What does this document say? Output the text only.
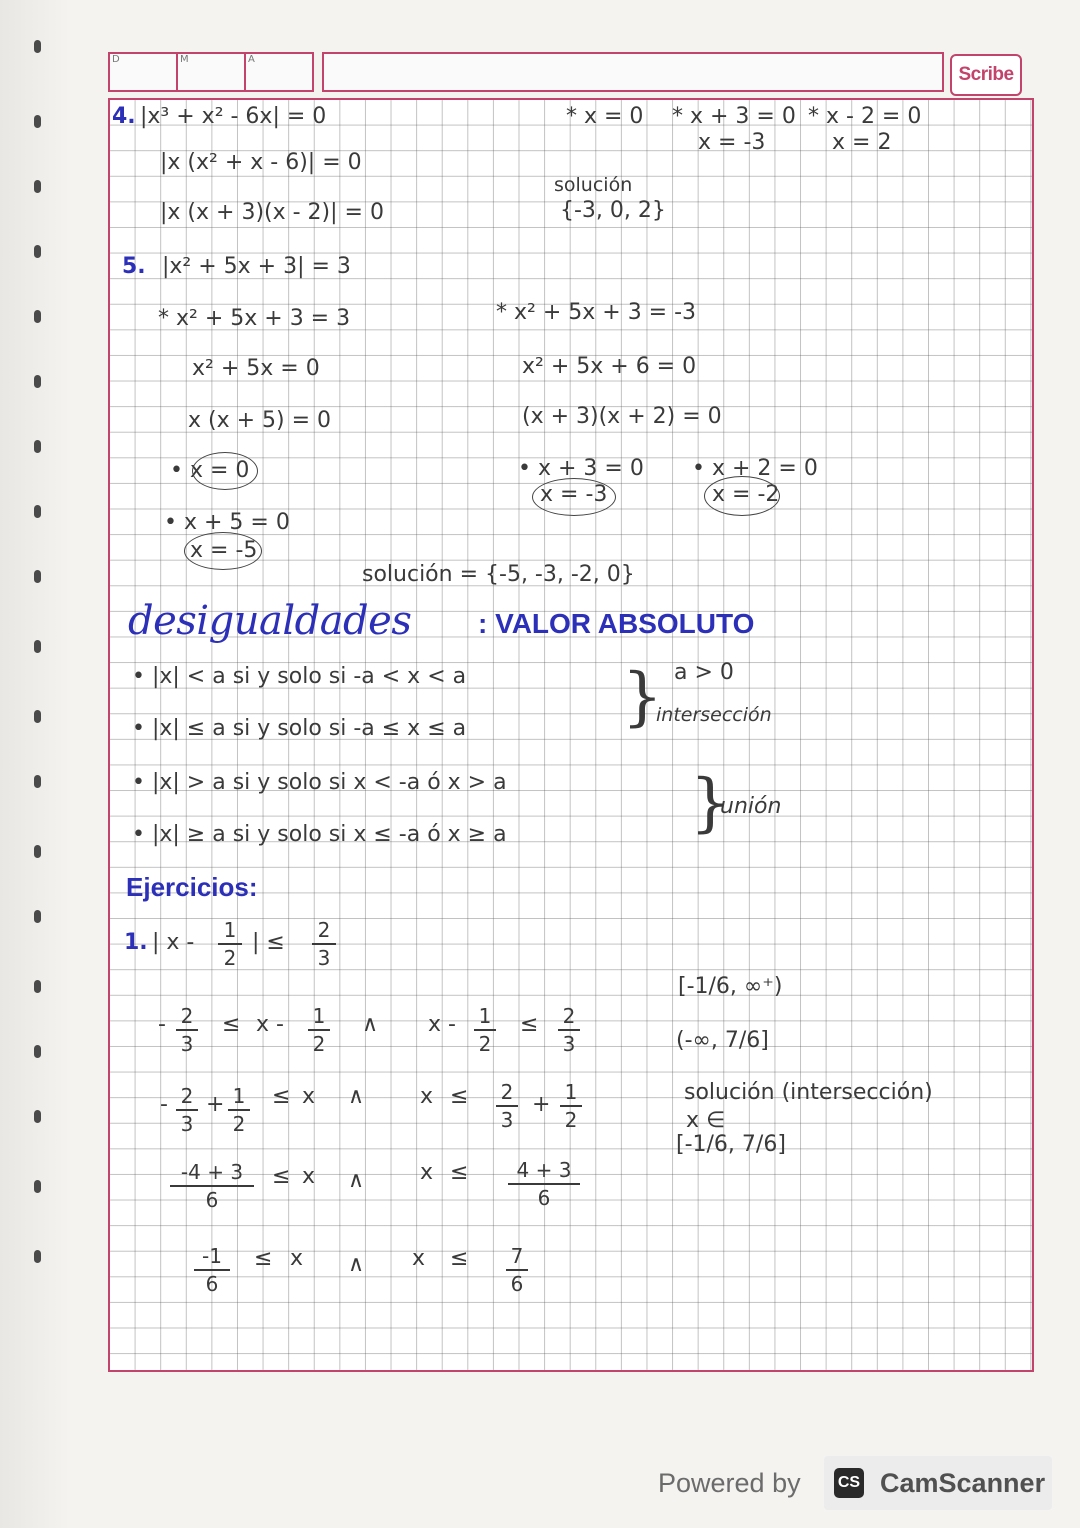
D	M	A
Scribe
4. |x³ + x² - 6x| = 0
|x (x² + x - 6)| = 0
|x (x + 3)(x - 2)| = 0
* x = 0 * x + 3 = 0
x = -3
* x - 2 = 0
x = 2
solución
{-3, 0, 2}
5. |x² + 5x + 3| = 3
* x² + 5x + 3 = 3
x² + 5x = 0
x (x + 5) = 0
• x = 0
• x + 5 = 0
x = -5
* x² + 5x + 3 = -3
x² + 5x + 6 = 0
(x + 3)(x + 2) = 0
• x + 3 = 0
x = -3
• x + 2 = 0
x = -2
solución = {-5, -3, -2, 0}
desigualdades : VALOR ABSOLUTO
• |x| < a si y solo si -a < x < a
• |x| ≤ a si y solo si -a ≤ x ≤ a
• |x| > a si y solo si x < -a ó x > a
• |x| ≥ a si y solo si x ≤ -a ó x ≥ a
}
}
a > 0
intersección
unión
Ejercicios:
1. | x - 1
2
| ≤ 2
3
- 2
3
≤ x - 1
2
∧ x - 1
2
≤ 2
3
- 2
3
+ 1
2
≤ x ∧	x ≤ 2
3
+ 1
2
-4 + 3
6
≤ x ∧	x ≤	4 + 3
6
-1
6
≤ x ∧ x ≤ 7
6
[-1/6, ∞⁺)
(-∞, 7/6]
solución (intersección)
x ∈
[-1/6, 7/6]
Powered by CS CamScanner
